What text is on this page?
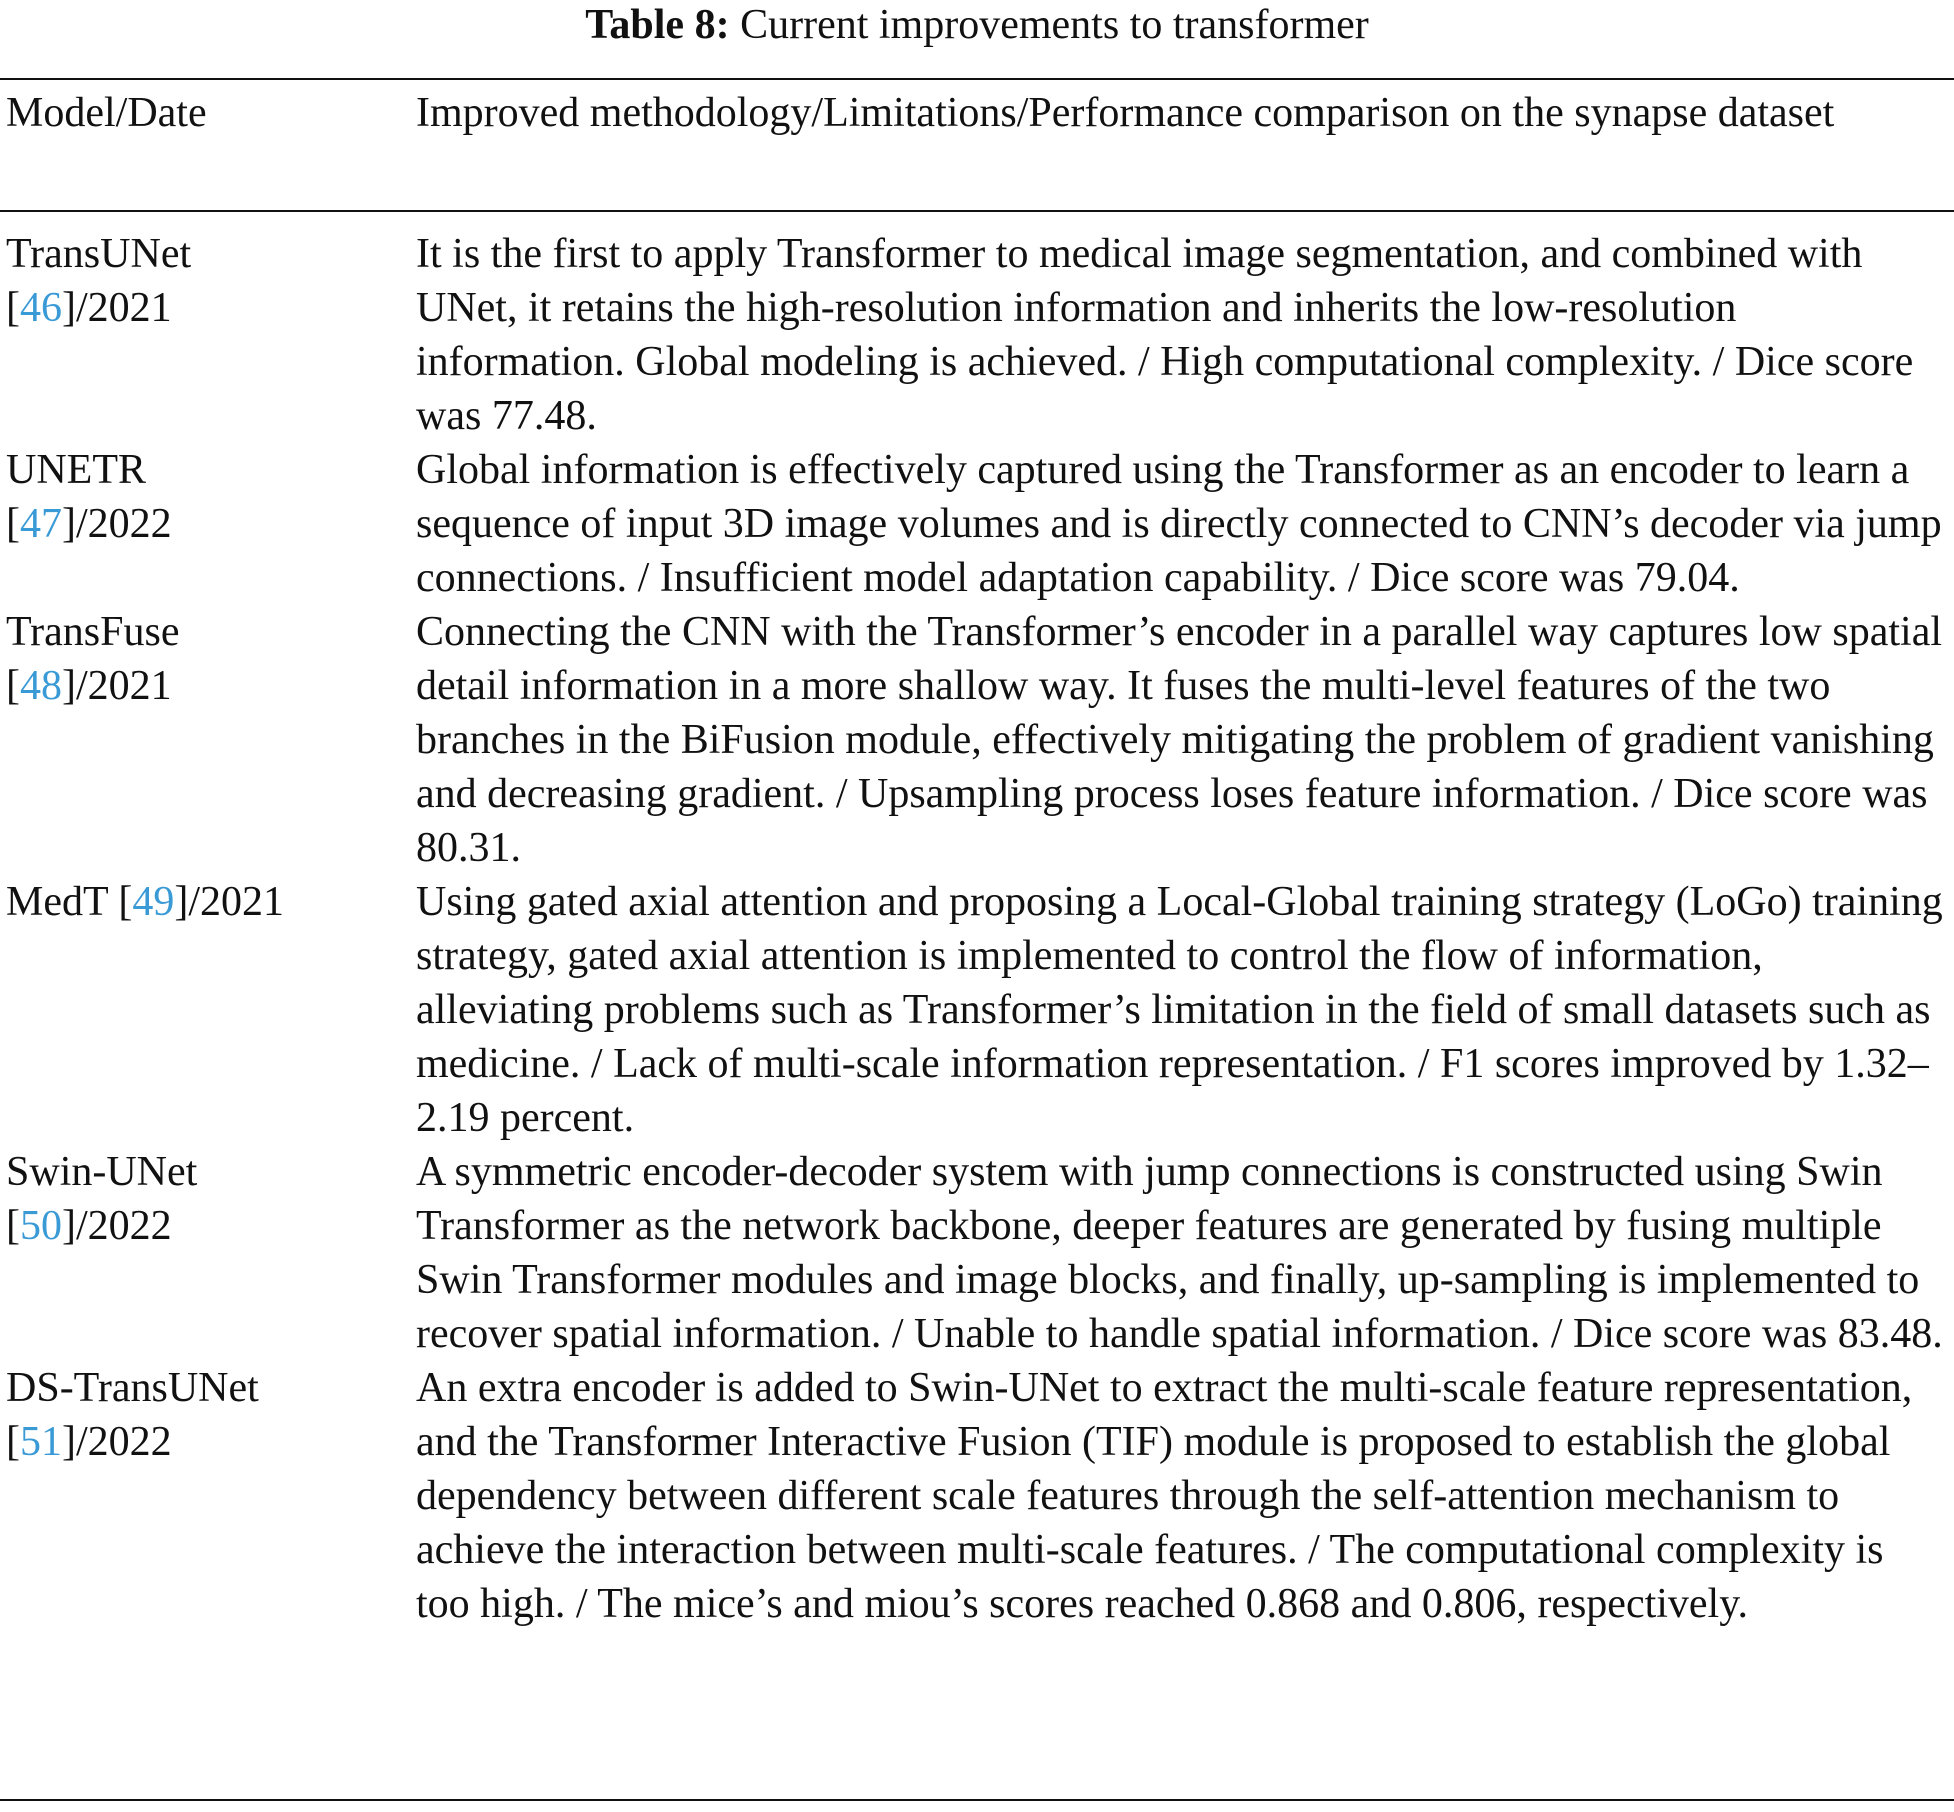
Table 8: Current improvements to transformer
Model/Date	Improved methodology/Limitations/Performance comparison on the synapse dataset
TransUNet
[46]/2021
It is the first to apply Transformer to medical image segmentation, and combined with UNet, it retains the high-resolution information and inherits the low-resolution information. Global modeling is achieved. / High computational complexity. / Dice score was 77.48.
UNETR
[47]/2022
Global information is effectively captured using the Transformer as an encoder to learn a sequence of input 3D image volumes and is directly connected to CNN’s decoder via jump connections. / Insufficient model adaptation capability. / Dice score was 79.04.
TransFuse
[48]/2021
Connecting the CNN with the Transformer’s encoder in a parallel way captures low spatial detail information in a more shallow way. It fuses the multi-level features of the two branches in the BiFusion module, effectively mitigating the problem of gradient vanishing and decreasing gradient. / Upsampling process loses feature information. / Dice score was 80.31.
MedT [49]/2021	Using gated axial attention and proposing a Local-Global training strategy (LoGo) training strategy, gated axial attention is implemented to control the flow of information, alleviating problems such as Transformer’s limitation in the field of small datasets such as medicine. / Lack of multi-scale information representation. / F1 scores improved by 1.32–2.19 percent.
Swin-UNet
[50]/2022
A symmetric encoder-decoder system with jump connections is constructed using Swin Transformer as the network backbone, deeper features are generated by fusing multiple Swin Transformer modules and image blocks, and finally, up-sampling is implemented to recover spatial information. / Unable to handle spatial information. / Dice score was 83.48.
DS-TransUNet
[51]/2022
An extra encoder is added to Swin-UNet to extract the multi-scale feature representation, and the Transformer Interactive Fusion (TIF) module is proposed to establish the global dependency between different scale features through the self-attention mechanism to achieve the interaction between multi-scale features. / The computational complexity is too high. / The mice’s and miou’s scores reached 0.868 and 0.806, respectively.
